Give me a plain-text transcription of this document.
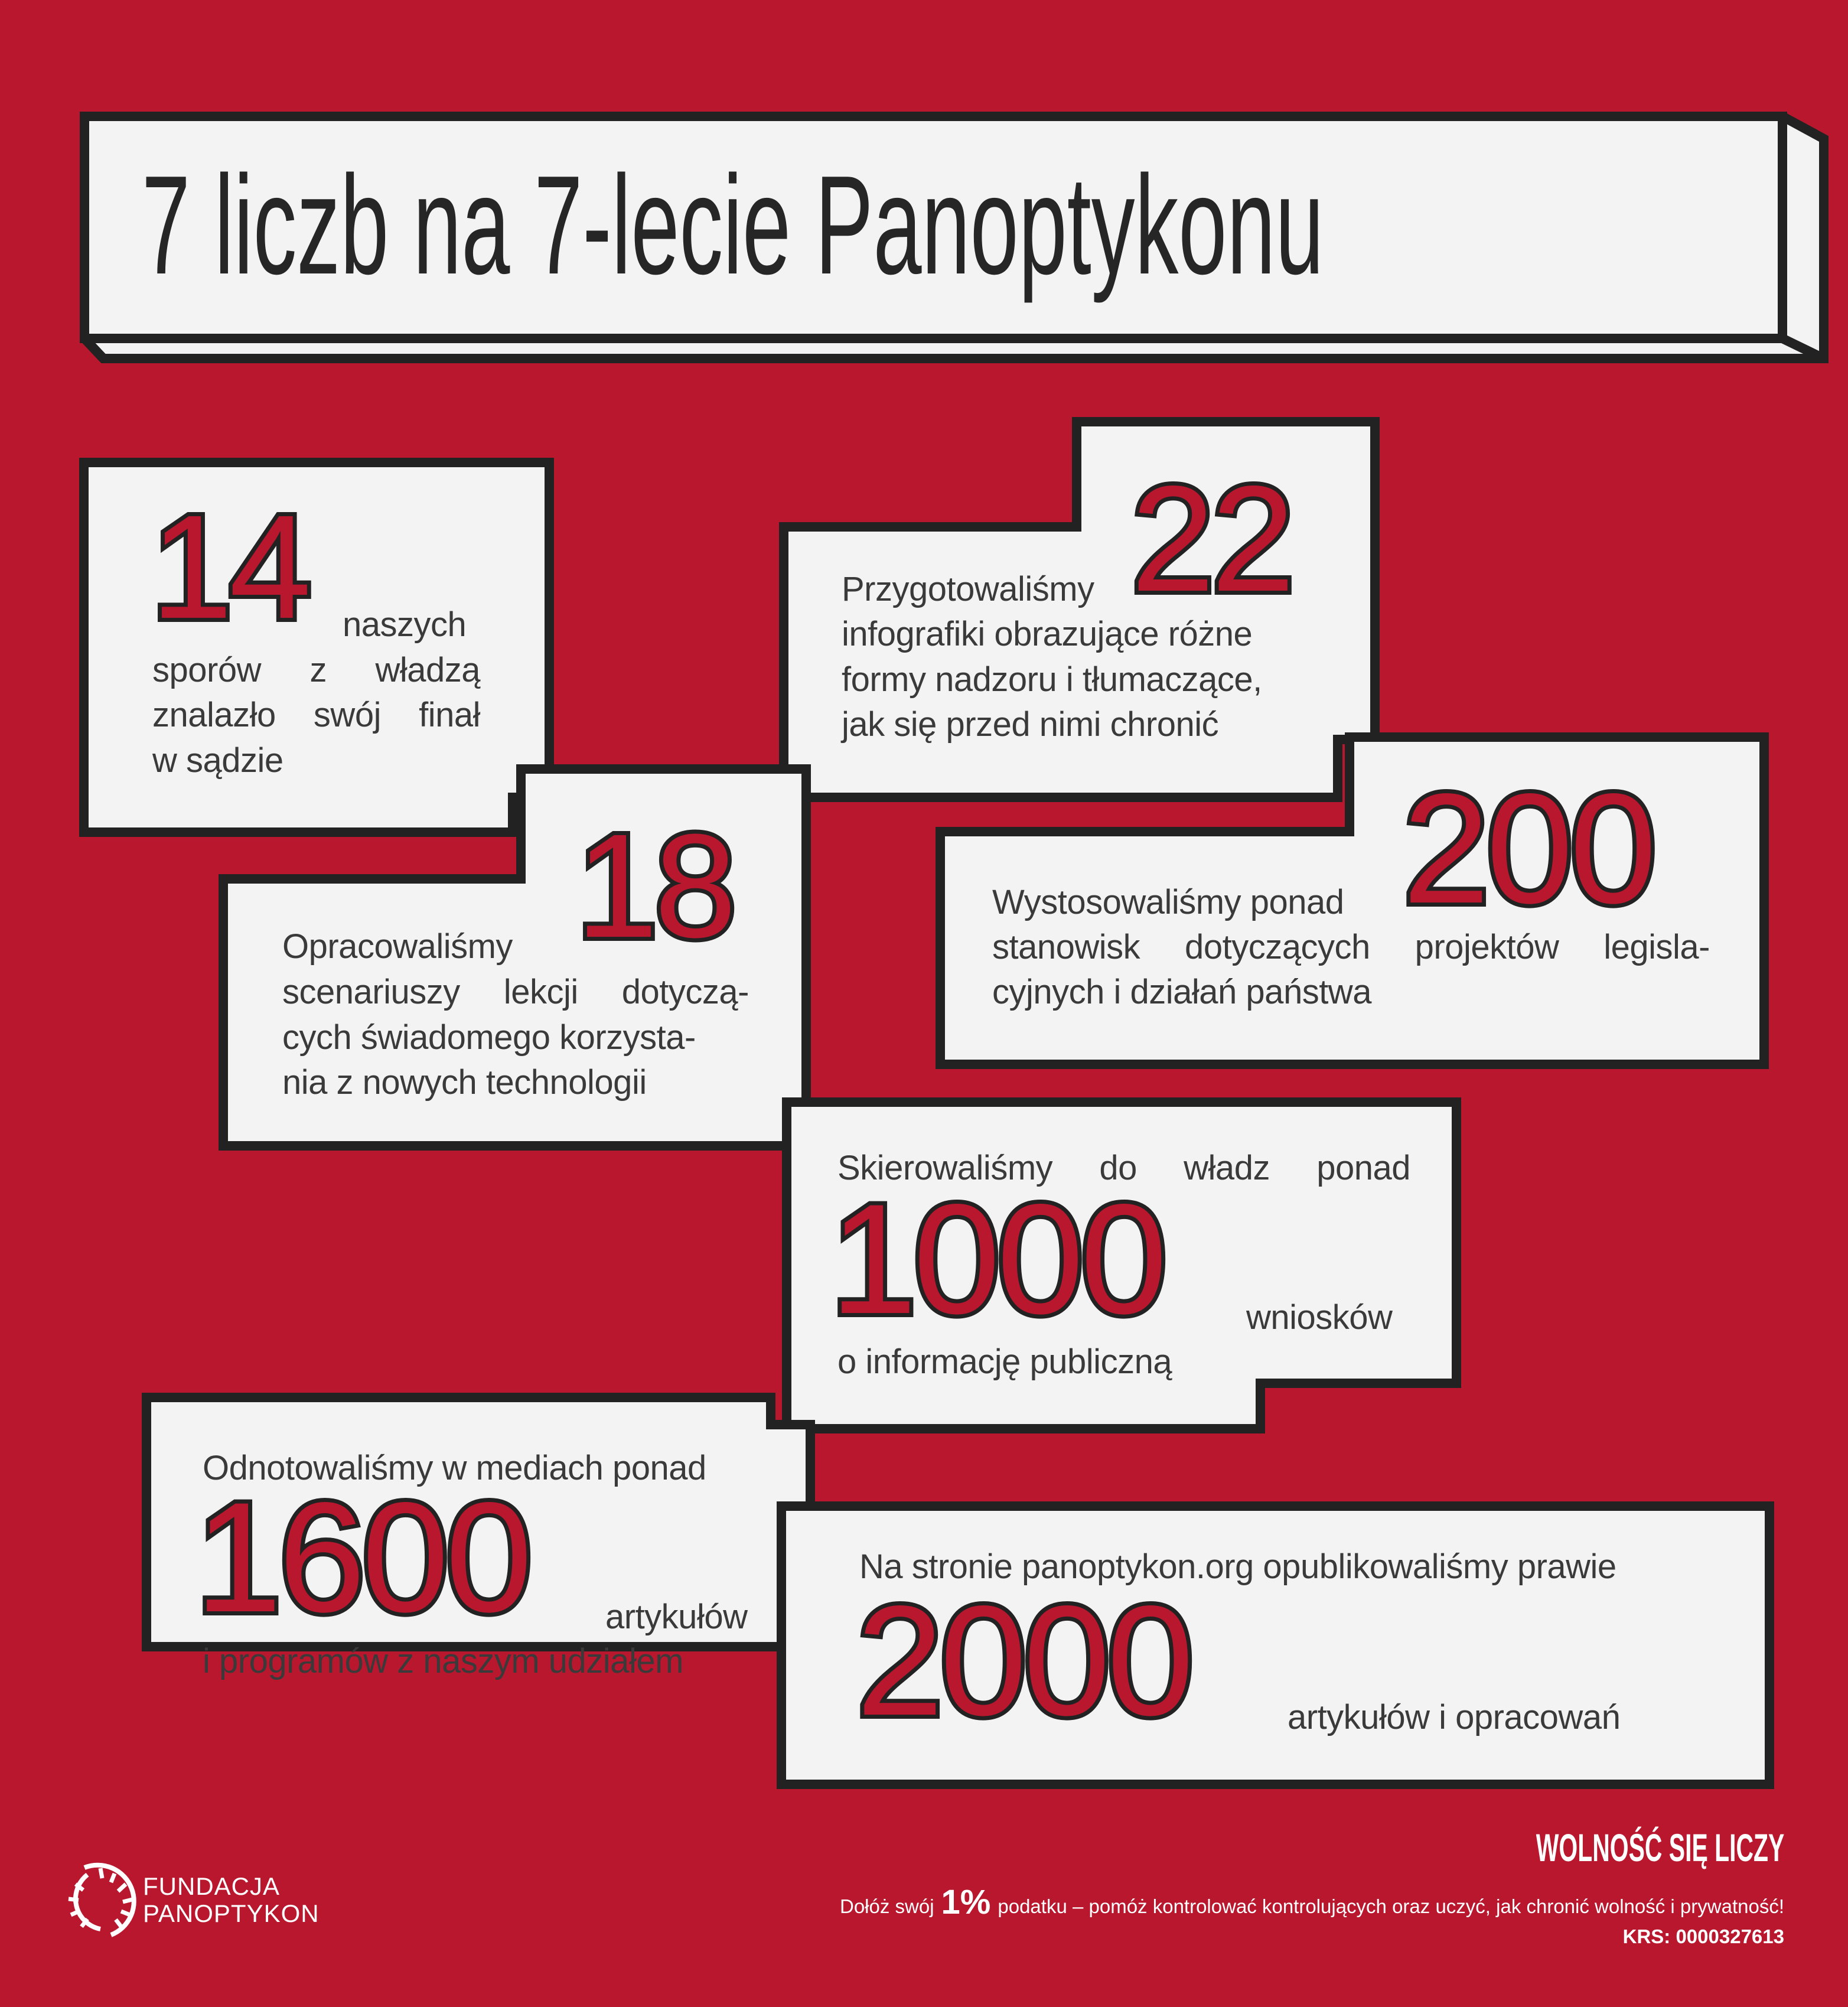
7 liczb na 7-lecie Panoptykonu
14 naszych
sporów z władzą
znalazło swój finał
w sądzie
Przygotowaliśmy 22
infografiki obrazujące różne
formy nadzoru i tłumaczące,
jak się przed nimi chronić
Opracowaliśmy 18
scenariuszy lekcji dotyczą-
cych świadomego korzysta-
nia z nowych technologii
Wystosowaliśmy ponad 200
stanowisk dotyczących projektów legisla-
cyjnych i działań państwa
Skierowaliśmy do władz ponad
1000 wniosków
o informację publiczną
Odnotowaliśmy w mediach ponad
1600 artykułów
i programów z naszym udziałem
Na stronie panoptykon.org opublikowaliśmy prawie
2000	artykułów i opracowań
FUNDACJA
PANOPTYKON
WOLNOŚĆ SIĘ LICZY
Dołóż swój 1% podatku – pomóż kontrolować kontrolujących oraz uczyć, jak chronić wolność i prywatność!
KRS: 0000327613
